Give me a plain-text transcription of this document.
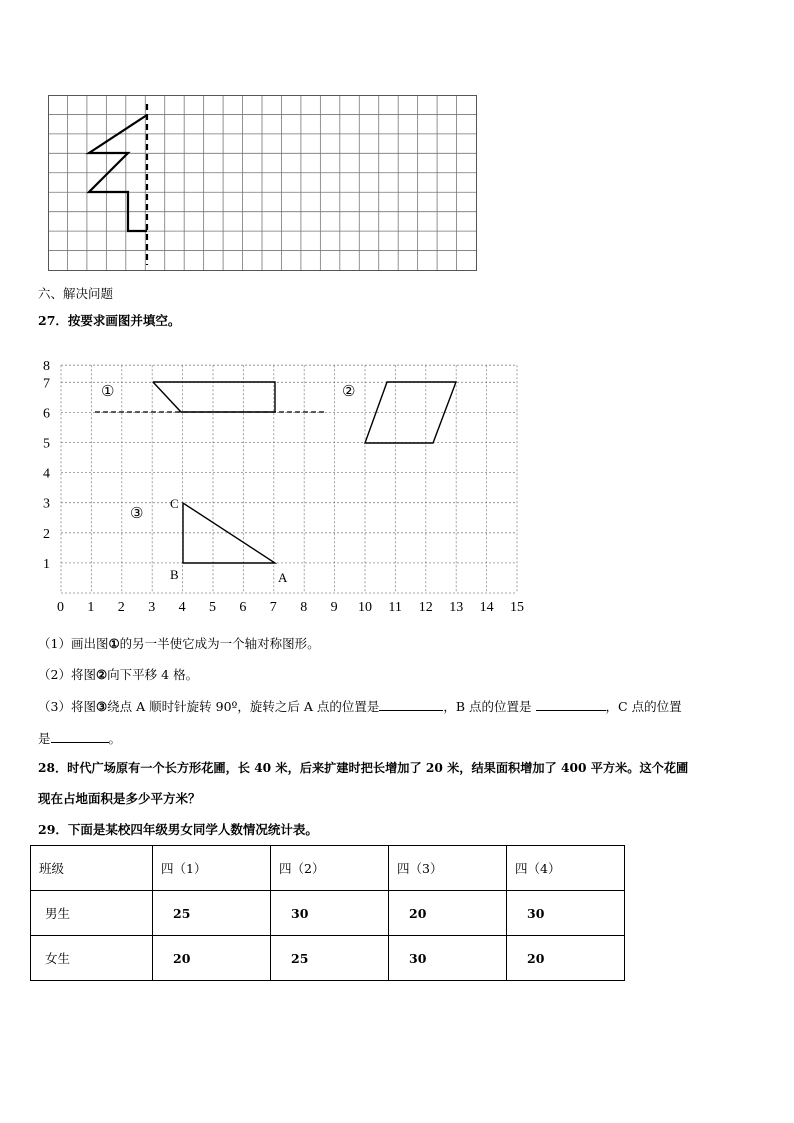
六、解决问题
27．按要求画图并填空。
0 1 2 3 4 5 6 7 8 9 10 11 12 13 14 15
1
2
3
4
5
6
7
8
①	②
③
C
B	A
（1）画出图①的另一半使它成为一个轴对称图形。
（2）将图②向下平移 4 格。
（3）将图③绕点 A 顺时针旋转 90º，旋转之后 A 点的位置是	，B 点的位置是	，C 点的位置
是	。
28．时代广场原有一个长方形花圃，长 40 米，后来扩建时把长增加了 20 米，结果面积增加了 400 平方米。这个花圃
现在占地面积是多少平方米？
29．下面是某校四年级男女同学人数情况统计表。
班级	四（1）	四（2）	四（3）	四（4）
男生	25	30	20	30
女生	20	25	30	20
